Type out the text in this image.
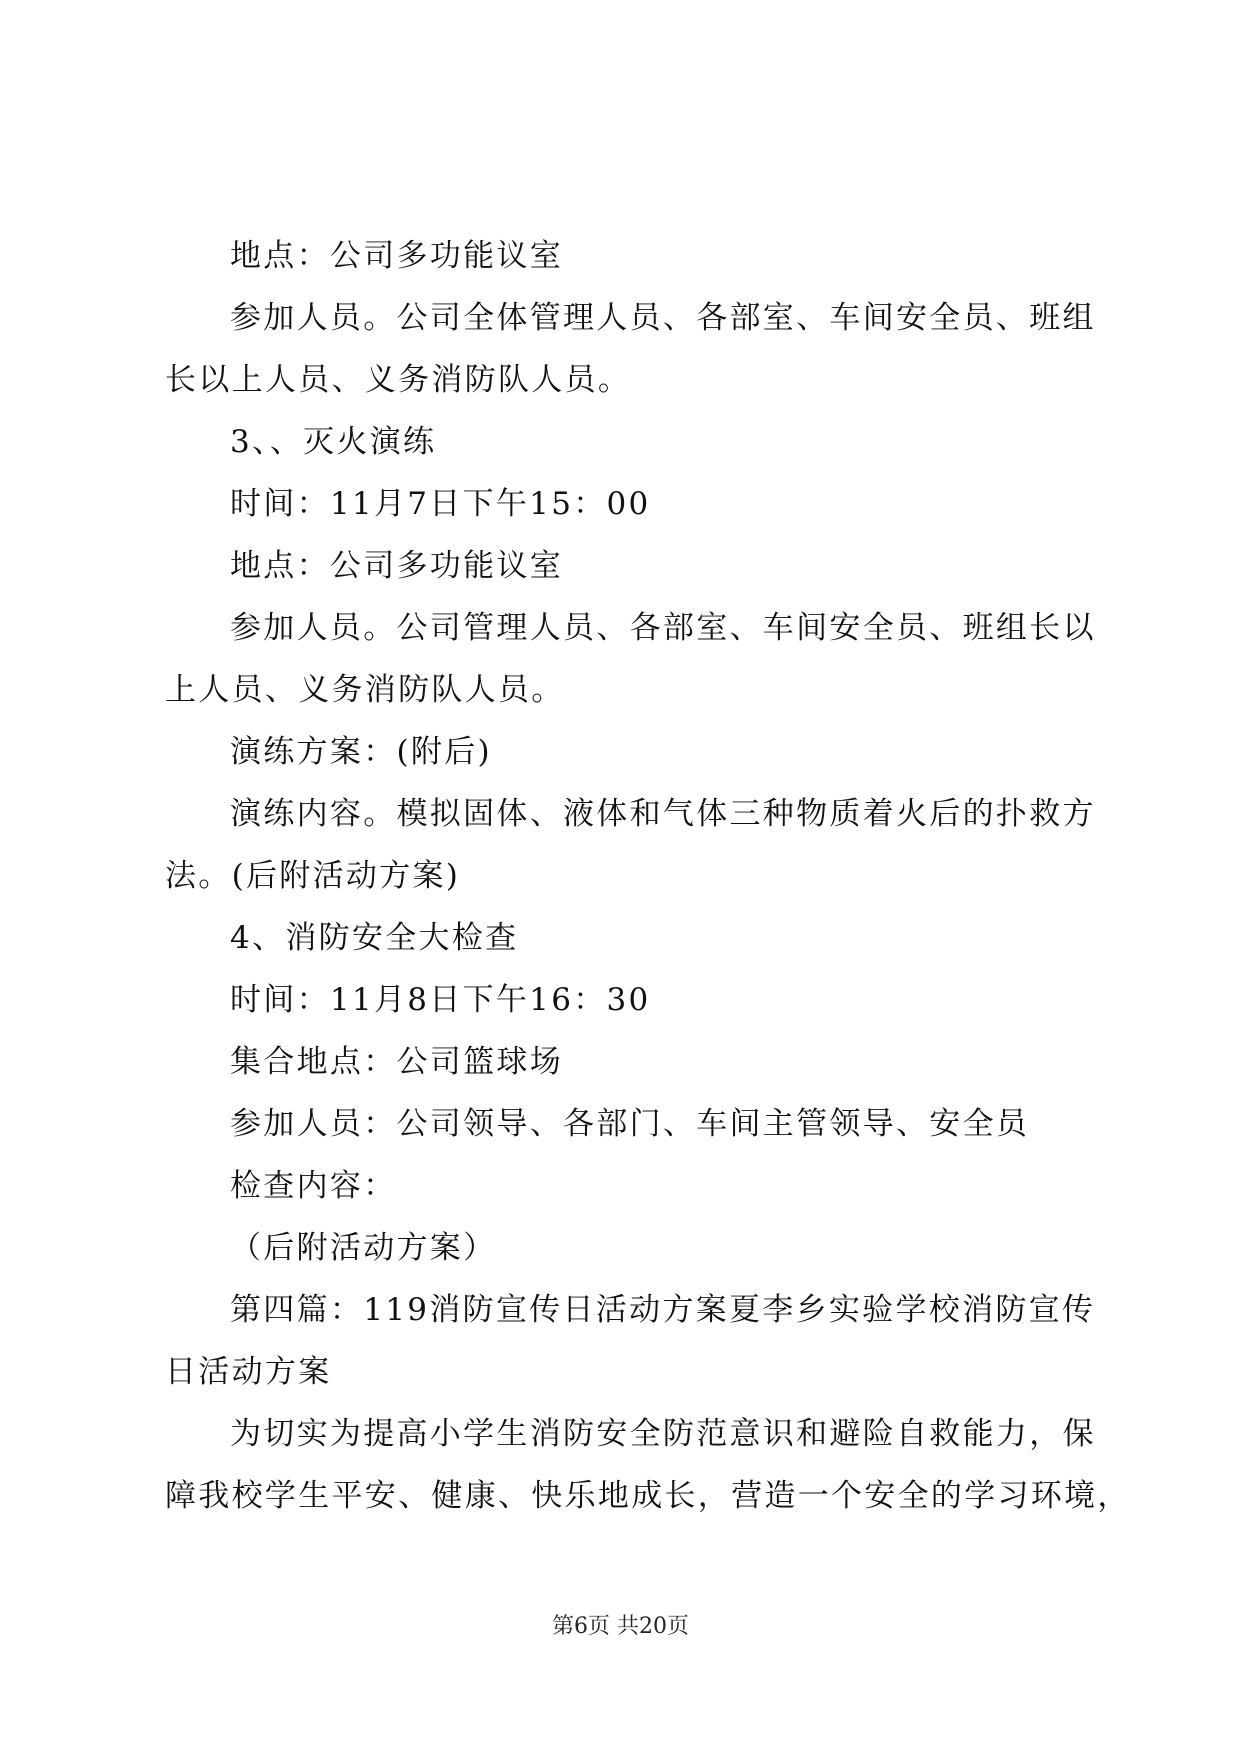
地点：公司多功能议室
参加人员。公司全体管理人员、各部室、车间安全员、班组
长以上人员、义务消防队人员。
3、、灭火演练
时间：11月7日下午15：00
地点：公司多功能议室
参加人员。公司管理人员、各部室、车间安全员、班组长以
上人员、义务消防队人员。
演练方案：(附后)
演练内容。模拟固体、液体和气体三种物质着火后的扑救方
法。(后附活动方案)
4、消防安全大检查
时间：11月8日下午16：30
集合地点：公司篮球场
参加人员：公司领导、各部门、车间主管领导、安全员
检查内容：
（后附活动方案）
第四篇：119消防宣传日活动方案夏李乡实验学校消防宣传
日活动方案
为切实为提高小学生消防安全防范意识和避险自救能力，保
障我校学生平安、健康、快乐地成长，营造一个安全的学习环境，
第6页 共20页
